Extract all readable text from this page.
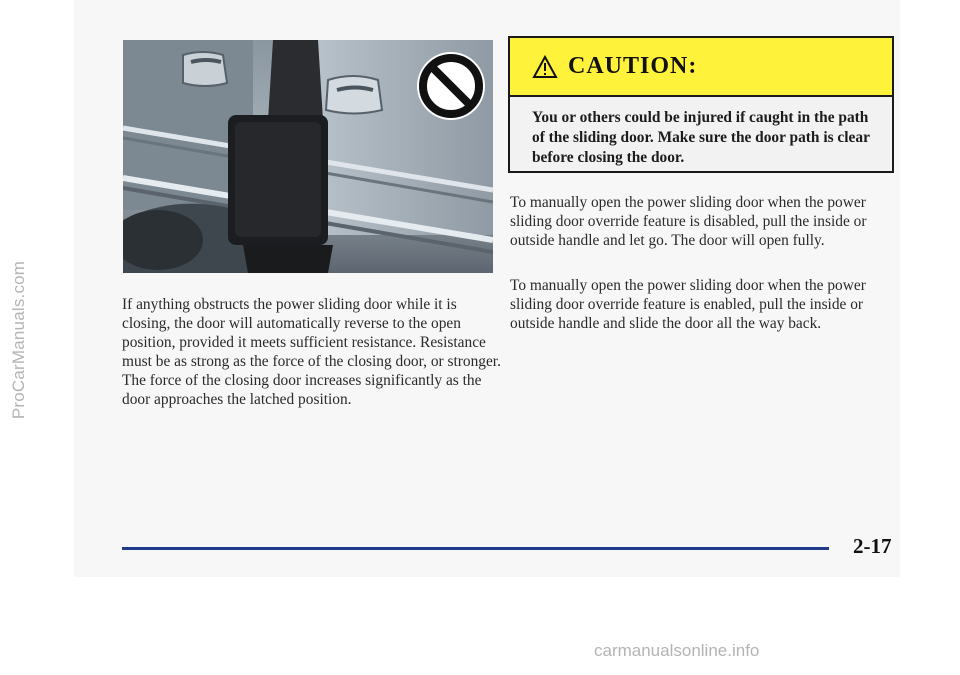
ProCarManuals.com	If anything obstructs the power sliding door while it is closing, the door will automatically reverse to the open position, provided it meets sufficient resistance. Resistance must be as strong as the force of the closing door, or stronger. The force of the closing door increases significantly as the door approaches the latched position.
CAUTION:
You or others could be injured if caught in the path of the sliding door. Make sure the door path is clear before closing the door.
To manually open the power sliding door when the power sliding door override feature is disabled, pull the inside or outside handle and let go. The door will open fully.
To manually open the power sliding door when the power sliding door override feature is enabled, pull the inside or outside handle and slide the door all the way back.
2-17
carmanualsonline.info
